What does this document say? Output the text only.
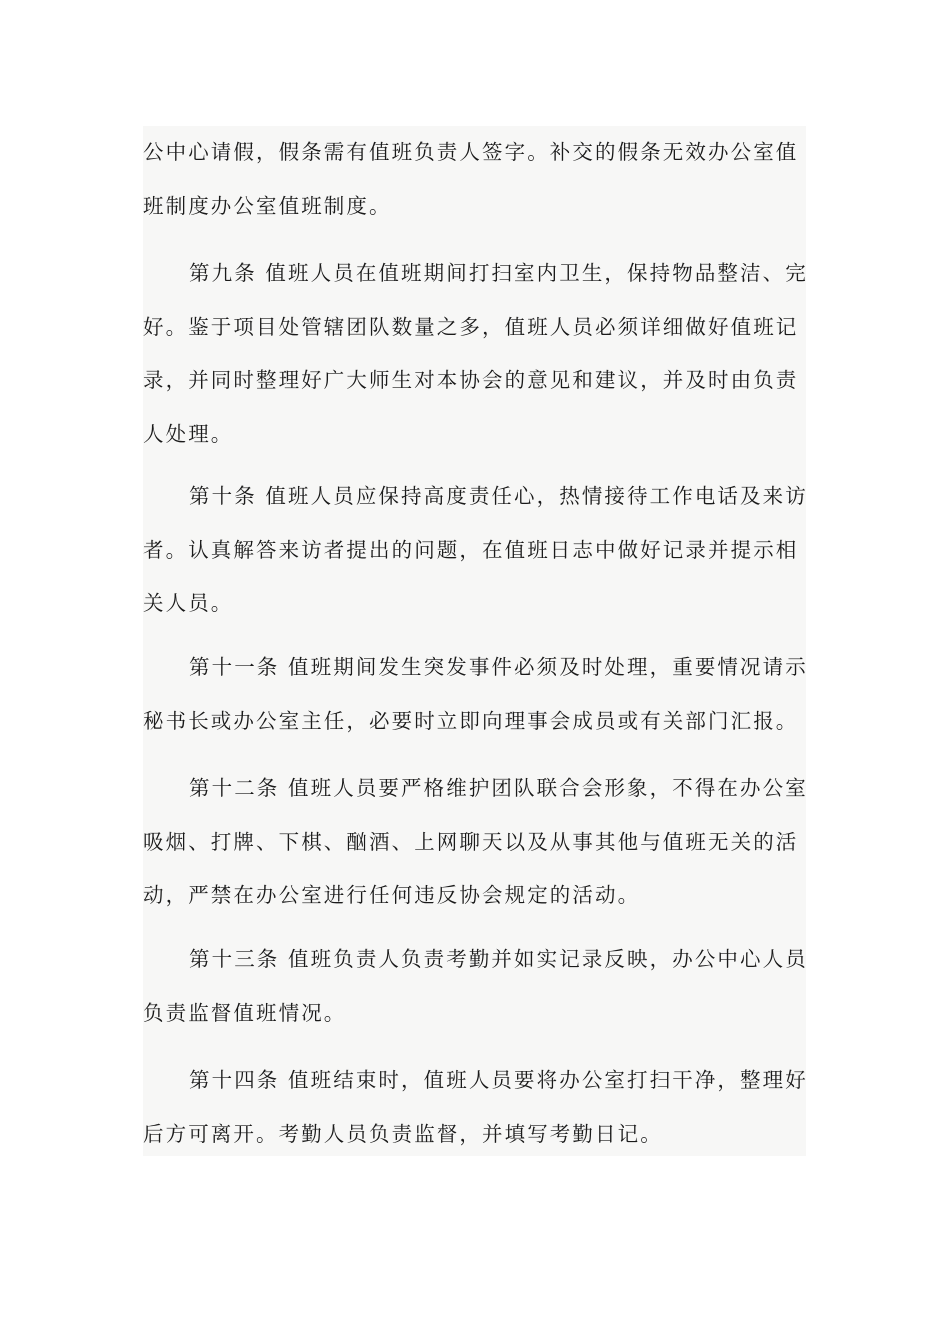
公中心请假，假条需有值班负责人签字。补交的假条无效办公室值
班制度办公室值班制度。

第九条 值班人员在值班期间打扫室内卫生，保持物品整洁、完
好。鉴于项目处管辖团队数量之多，值班人员必须详细做好值班记
录，并同时整理好广大师生对本协会的意见和建议，并及时由负责
人处理。

第十条 值班人员应保持高度责任心，热情接待工作电话及来访
者。认真解答来访者提出的问题，在值班日志中做好记录并提示相
关人员。

第十一条 值班期间发生突发事件必须及时处理，重要情况请示
秘书长或办公室主任，必要时立即向理事会成员或有关部门汇报。

第十二条 值班人员要严格维护团队联合会形象，不得在办公室
吸烟、打牌、下棋、酗酒、上网聊天以及从事其他与值班无关的活
动，严禁在办公室进行任何违反协会规定的活动。

第十三条 值班负责人负责考勤并如实记录反映，办公中心人员
负责监督值班情况。

第十四条 值班结束时，值班人员要将办公室打扫干净，整理好
后方可离开。考勤人员负责监督，并填写考勤日记。
